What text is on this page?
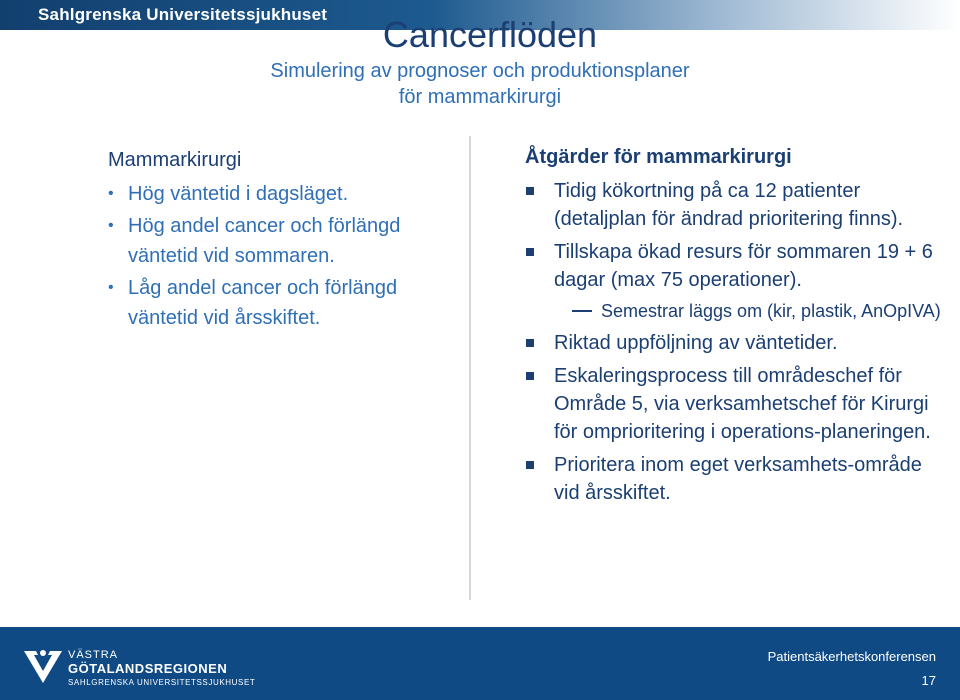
Sahlgrenska Universitetssjukhuset	Cancerflöden
Simulering av prognoser och produktionsplaner
för mammarkirurgi
Mammarkirurgi
• Hög väntetid i dagsläget.
• Hög andel cancer och förlängd väntetid vid sommaren.
• Låg andel cancer och förlängd väntetid vid årsskiftet.
Åtgärder för mammarkirurgi
Tidig kökortning på ca 12 patienter (detaljplan för ändrad prioritering finns).
Tillskapa ökad resurs för sommaren 19 + 6 dagar (max 75 operationer).
Semestrar läggs om (kir, plastik, AnOpIVA)
Riktad uppföljning av väntetider.
Eskaleringsprocess till områdeschef för Område 5, via verksamhetschef för Kirurgi för omprioritering i operations-planeringen.
Prioritera inom eget verksamhets-område vid årsskiftet.
VÄSTRA
GÖTALANDSREGIONEN
SAHLGRENSKA UNIVERSITETSSJUKHUSET
Patientsäkerhetskonferensen
17
